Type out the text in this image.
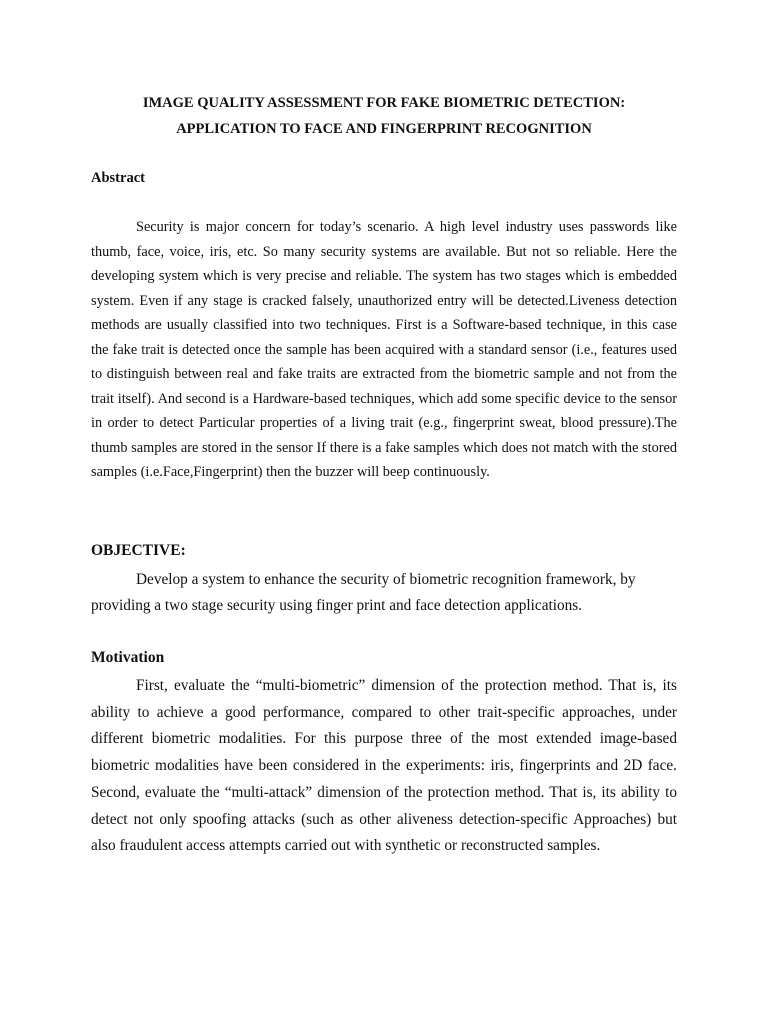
IMAGE QUALITY ASSESSMENT FOR FAKE BIOMETRIC DETECTION:
APPLICATION TO FACE AND FINGERPRINT RECOGNITION
Abstract

Security is major concern for today’s scenario. A high level industry uses passwords like thumb, face, voice, iris, etc. So many security systems are available. But not so reliable. Here the developing system which is very precise and reliable. The system has two stages which is embedded system. Even if any stage is cracked falsely, unauthorized entry will be detected.Liveness detection methods are usually classified into two techniques. First is a Software-based technique, in this case the fake trait is detected once the sample has been acquired with a standard sensor (i.e., features used to distinguish between real and fake traits are extracted from the biometric sample and not from the trait itself). And second is a Hardware-based techniques, which add some specific device to the sensor in order to detect Particular properties of a living trait (e.g., fingerprint sweat, blood pressure).The thumb samples are stored in the sensor If there is a fake samples which does not match with the stored samples (i.e.Face,Fingerprint) then the buzzer will beep continuously.

OBJECTIVE:

Develop a system to enhance the security of biometric recognition framework, by providing a two stage security using finger print and face detection applications.

Motivation

First, evaluate the “multi-biometric” dimension of the protection method. That is, its ability to achieve a good performance, compared to other trait-specific approaches, under different biometric modalities. For this purpose three of the most extended image-based biometric modalities have been considered in the experiments: iris, fingerprints and 2D face. Second, evaluate the “multi-attack” dimension of the protection method. That is, its ability to detect not only spoofing attacks (such as other aliveness detection-specific Approaches) but also fraudulent access attempts carried out with synthetic or reconstructed samples.
